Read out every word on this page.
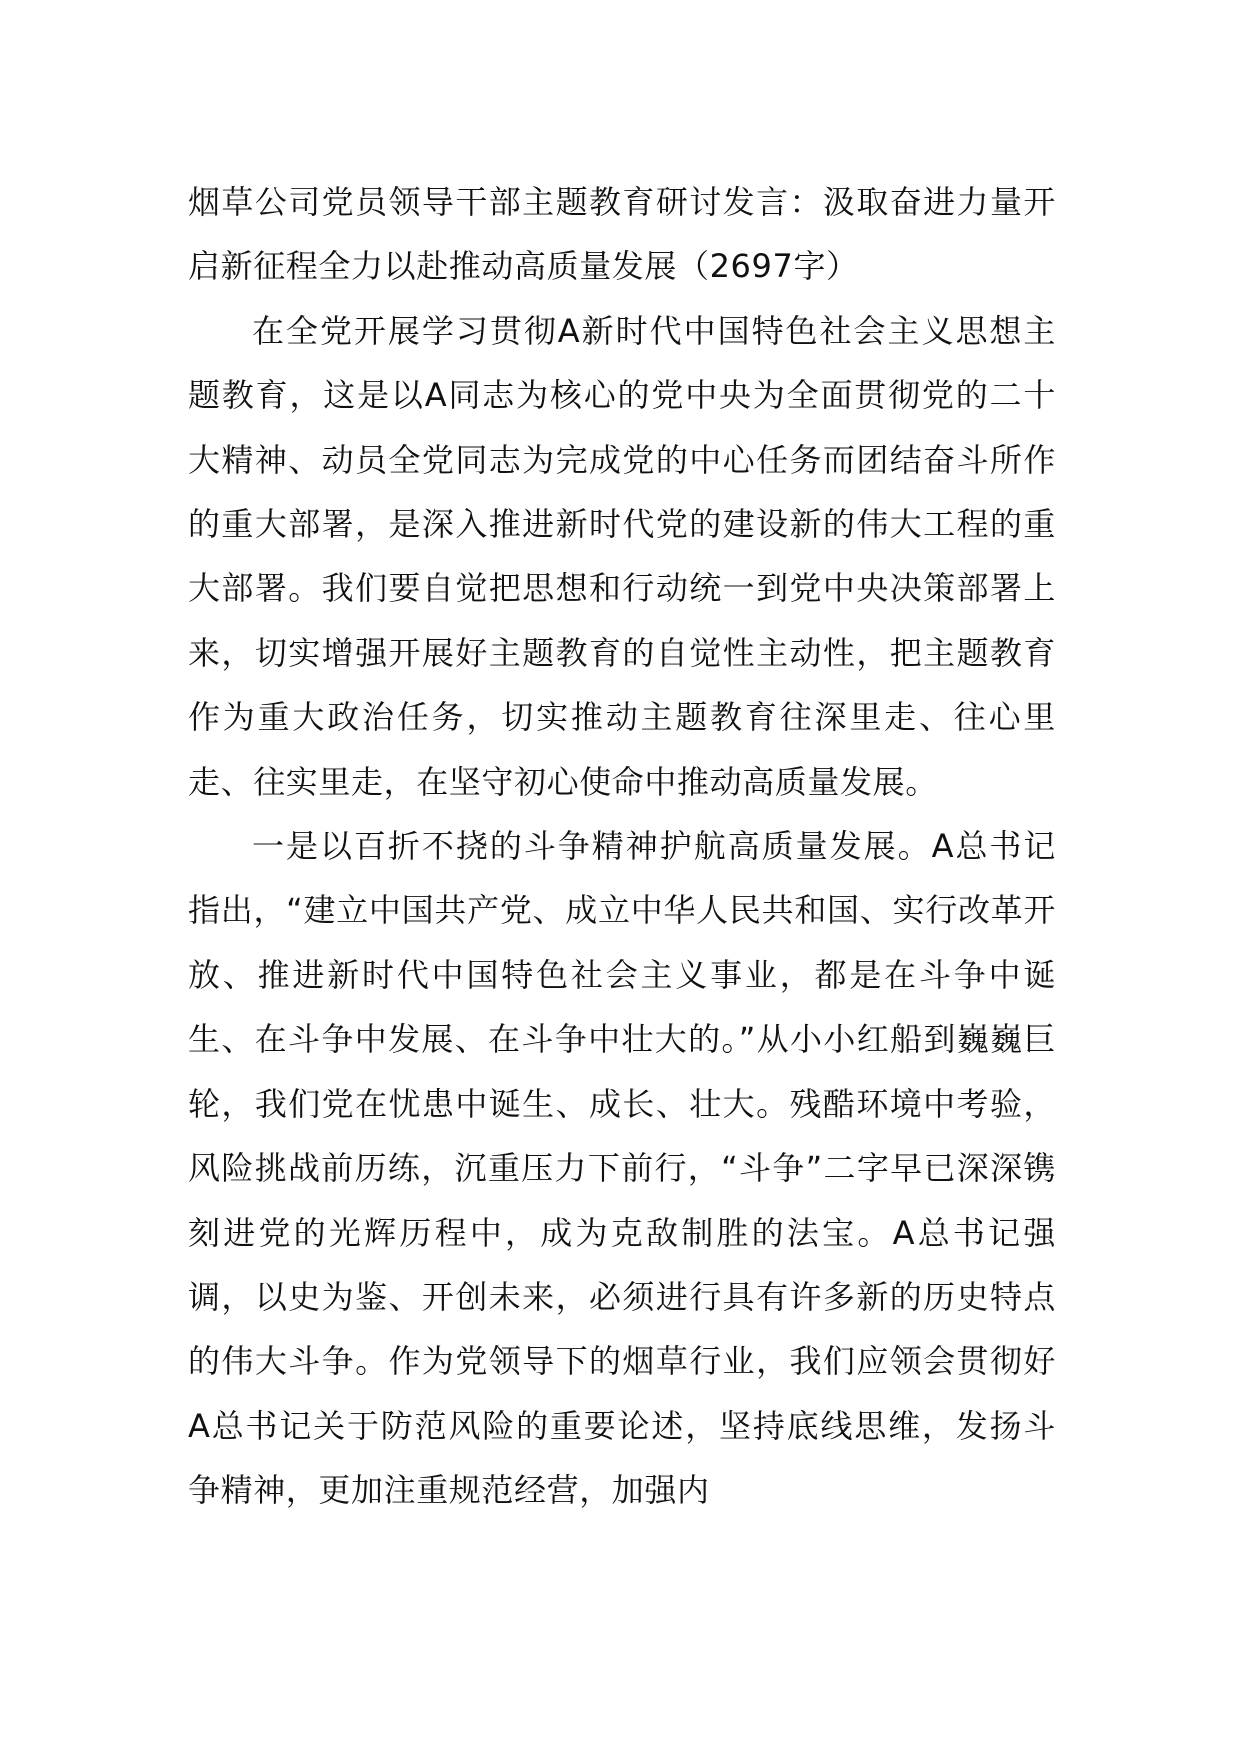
烟草公司党员领导干部主题教育研讨发言：汲取奋进力量开启新征程全力以赴推动高质量发展（2697字）

在全党开展学习贯彻A新时代中国特色社会主义思想主题教育，这是以A同志为核心的党中央为全面贯彻党的二十大精神、动员全党同志为完成党的中心任务而团结奋斗所作的重大部署，是深入推进新时代党的建设新的伟大工程的重大部署。我们要自觉把思想和行动统一到党中央决策部署上来，切实增强开展好主题教育的自觉性主动性，把主题教育作为重大政治任务，切实推动主题教育往深里走、往心里走、往实里走，在坚守初心使命中推动高质量发展。

一是以百折不挠的斗争精神护航高质量发展。A总书记指出，“建立中国共产党、成立中华人民共和国、实行改革开放、推进新时代中国特色社会主义事业，都是在斗争中诞生、在斗争中发展、在斗争中壮大的。”从小小红船到巍巍巨轮，我们党在忧患中诞生、成长、壮大。残酷环境中考验，风险挑战前历练，沉重压力下前行，“斗争”二字早已深深镌刻进党的光辉历程中，成为克敌制胜的法宝。A总书记强调，以史为鉴、开创未来，必须进行具有许多新的历史特点的伟大斗争。作为党领导下的烟草行业，我们应领会贯彻好A总书记关于防范风险的重要论述，坚持底线思维，发扬斗争精神，更加注重规范经营，加强内
